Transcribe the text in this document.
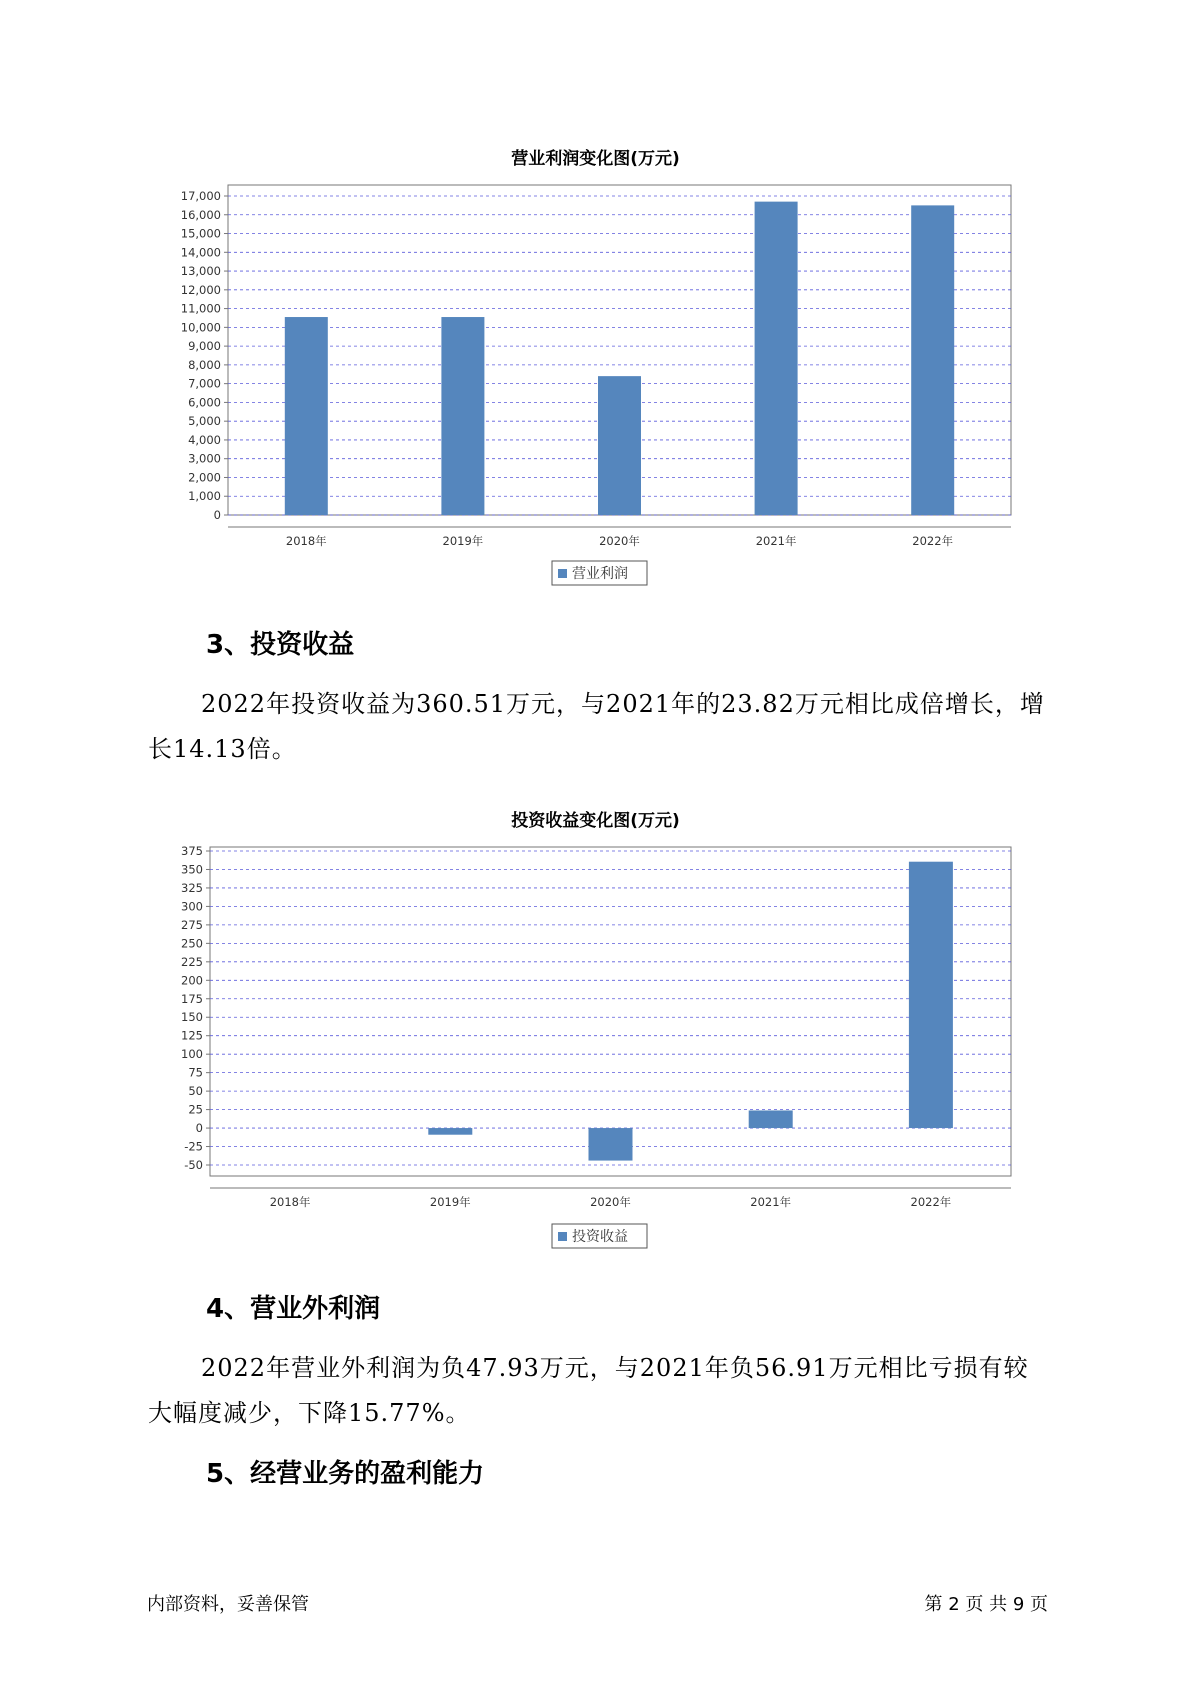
营业利润变化图(万元)
17,000
16,000
15,000
14,000
13,000
12,000
11,000
10,000
9,000
8,000
7,000
6,000
5,000
4,000
3,000
2,000
1,000
0
2018年	2019年	2020年	2021年	2022年
营业利润
3、投资收益

2022年投资收益为360.51万元，与2021年的23.82万元相比成倍增长，增长14.13倍。

投资收益变化图(万元)
375
350
325
300
275
250
225
200
175
150
125
100
75
50
25
0
-25
-50
2018年	2019年	2020年	2021年	2022年
投资收益
4、营业外利润

2022年营业外利润为负47.93万元，与2021年负56.91万元相比亏损有较大幅度减少，下降15.77%。

5、经营业务的盈利能力
内部资料，妥善保管	第 2 页 共 9 页
